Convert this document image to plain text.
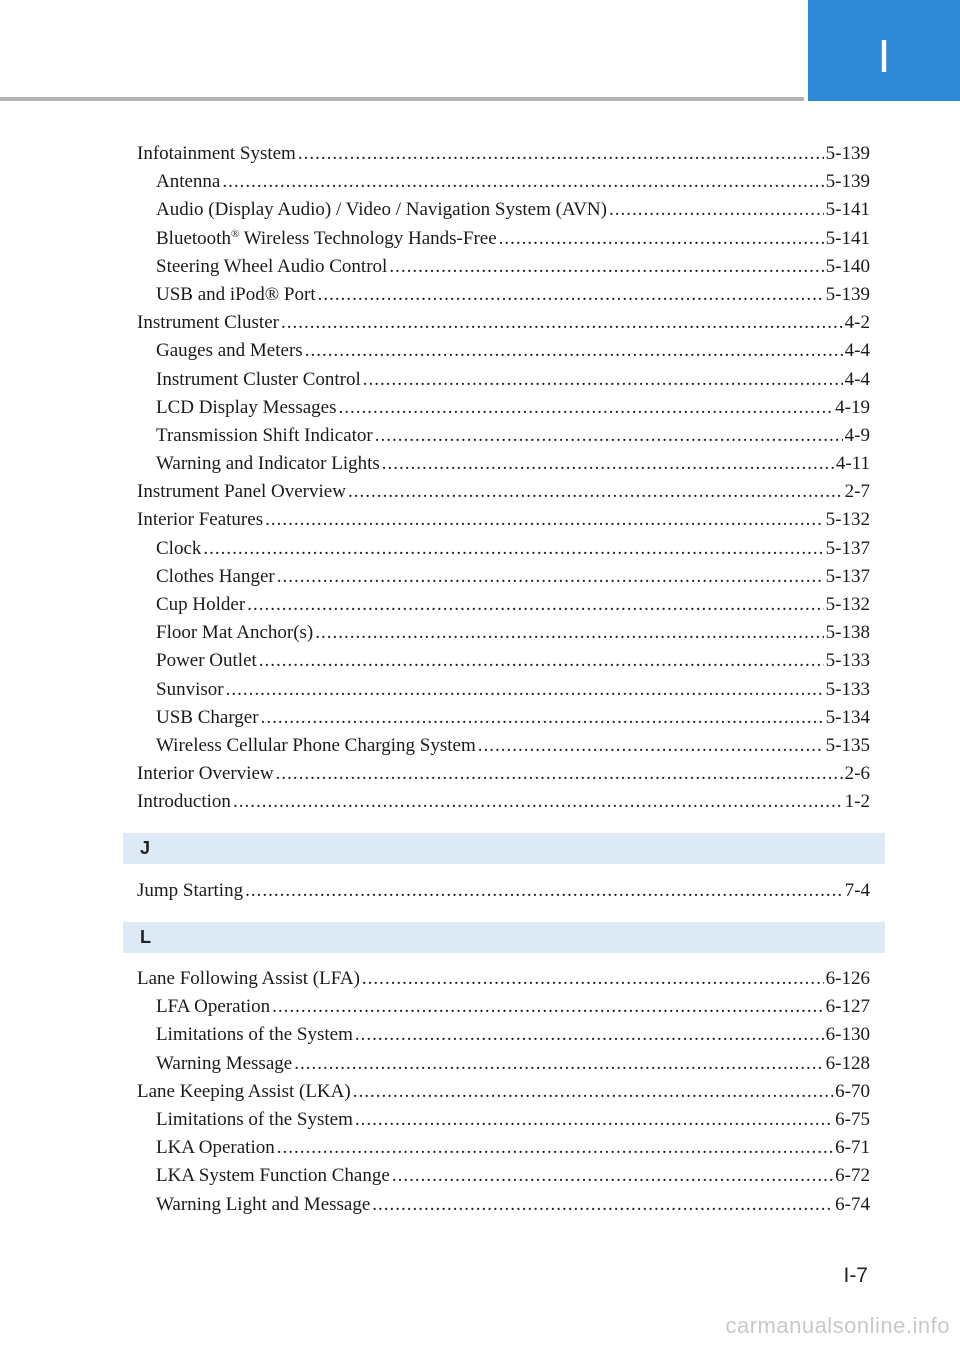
I
Infotainment System .....	5-139
Antenna .....	5-139
Audio (Display Audio) / Video / Navigation System (AVN) .....	5-141
Bluetooth® Wireless Technology Hands-Free .....	5-141
Steering Wheel Audio Control .....	5-140
USB and iPod® Port .....	5-139
Instrument Cluster .....	4-2
Gauges and Meters .....	4-4
Instrument Cluster Control .....	4-4
LCD Display Messages .....	4-19
Transmission Shift Indicator .....	4-9
Warning and Indicator Lights .....	4-11
Instrument Panel Overview .....	2-7
Interior Features .....	5-132
Clock .....	5-137
Clothes Hanger .....	5-137
Cup Holder .....	5-132
Floor Mat Anchor(s) .....	5-138
Power Outlet .....	5-133
Sunvisor .....	5-133
USB Charger .....	5-134
Wireless Cellular Phone Charging System .....	5-135
Interior Overview .....	2-6
Introduction .....	1-2
J
Jump Starting .....	7-4
L
Lane Following Assist (LFA) .....	6-126
LFA Operation .....	6-127
Limitations of the System .....	6-130
Warning Message .....	6-128
Lane Keeping Assist (LKA) .....	6-70
Limitations of the System .....	6-75
LKA Operation .....	6-71
LKA System Function Change .....	6-72
Warning Light and Message .....	6-74
I-7
carmanualsonline.info
